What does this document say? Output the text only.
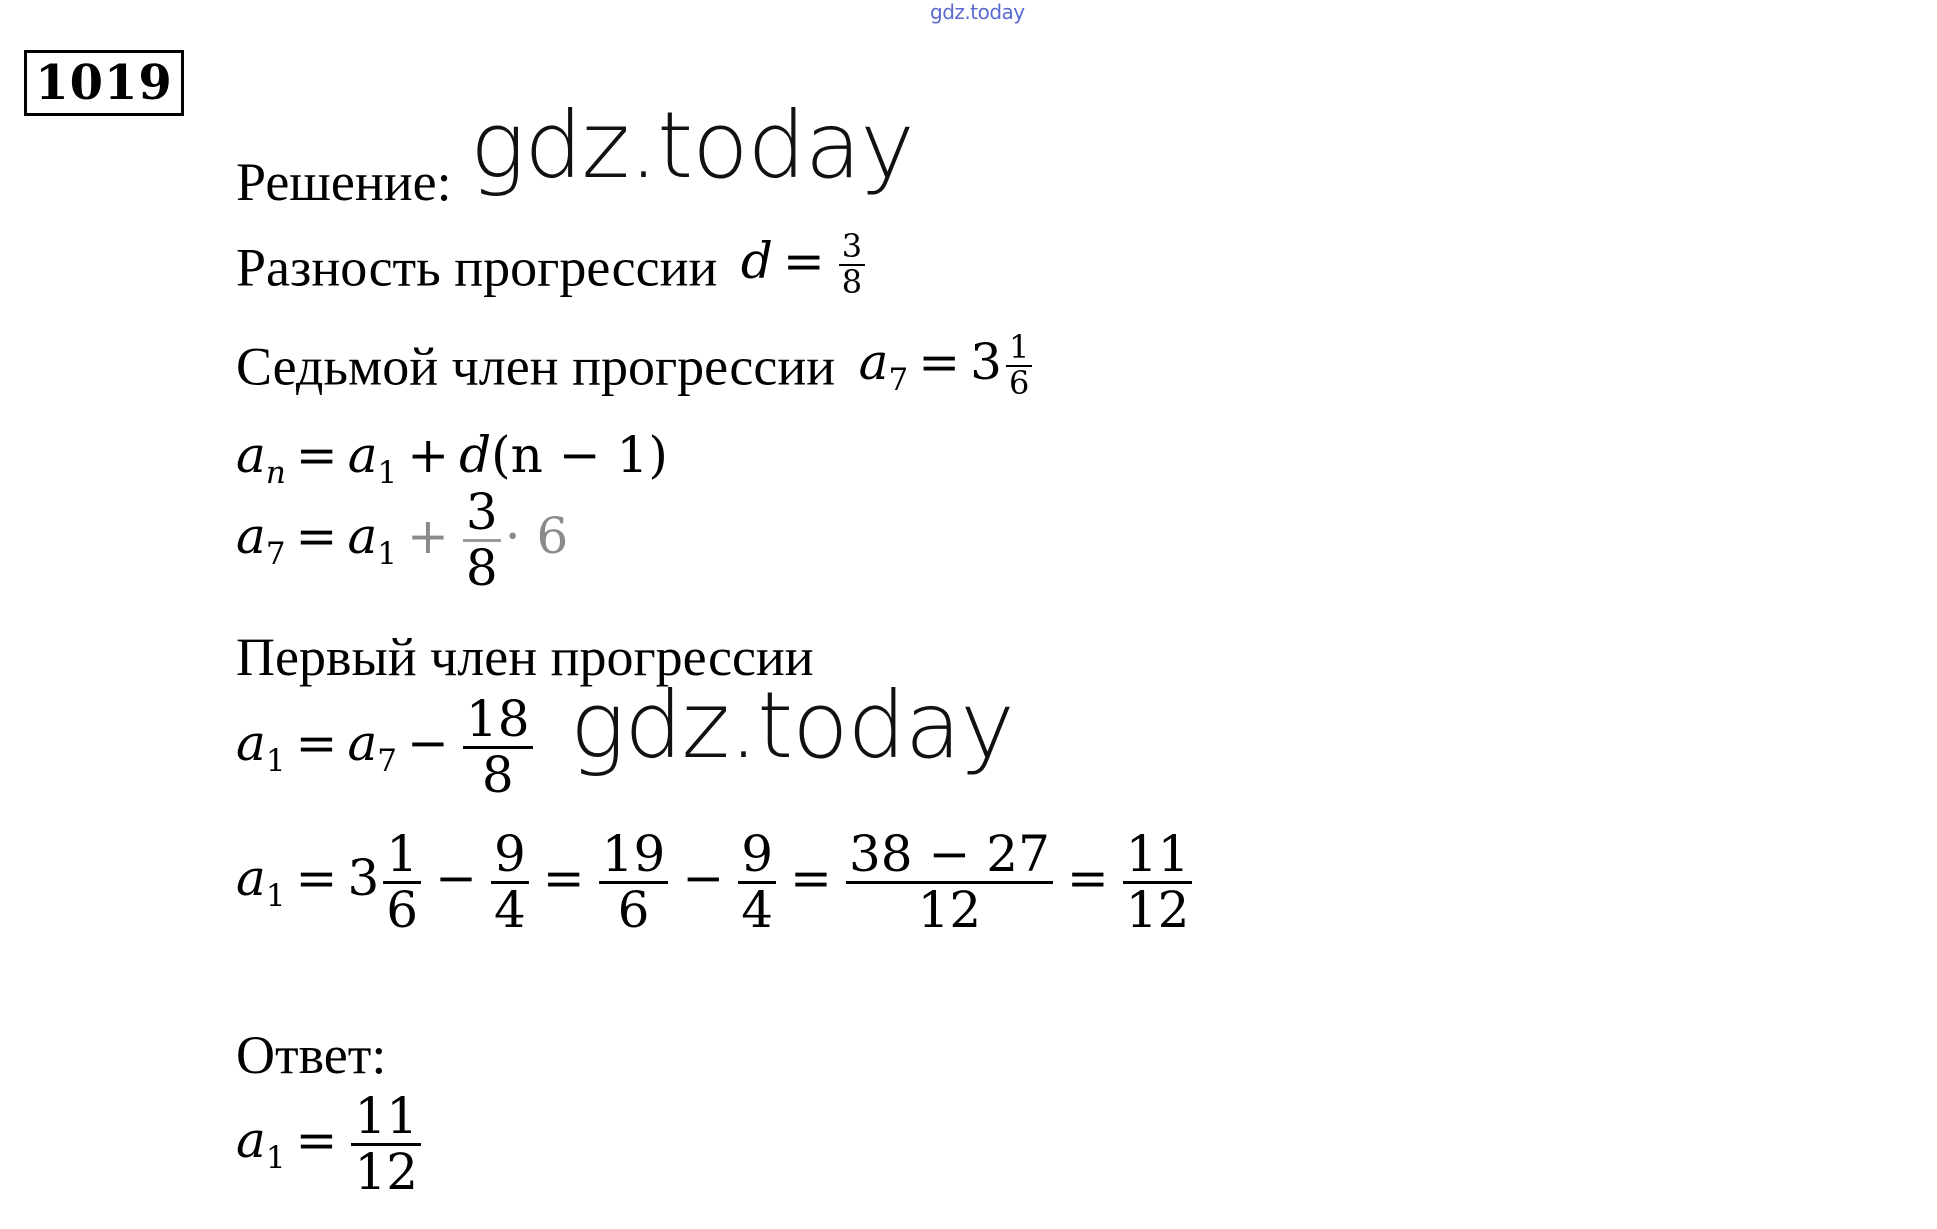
gdz.today
1019
Решение: gdz.today
Разность прогрессии $d = \frac{3}{8}$
Седьмой член прогрессии $a_7 = 3 \frac{1}{6}$
$a_n = a_1 + d(n - 1)$
$a_7 = a_1 + \frac{3}{8} \cdot 6$
Первый член прогрессии
$a_1 = a_7 - \frac{18}{8}$ gdz.today
$a_1 = 3 \frac{1}{6} - \frac{9}{4} = \frac{19}{6} - \frac{9}{4} = \frac{38 - 27}{12} = \frac{11}{12}$
Ответ:
$a_1 = \frac{11}{12}$
